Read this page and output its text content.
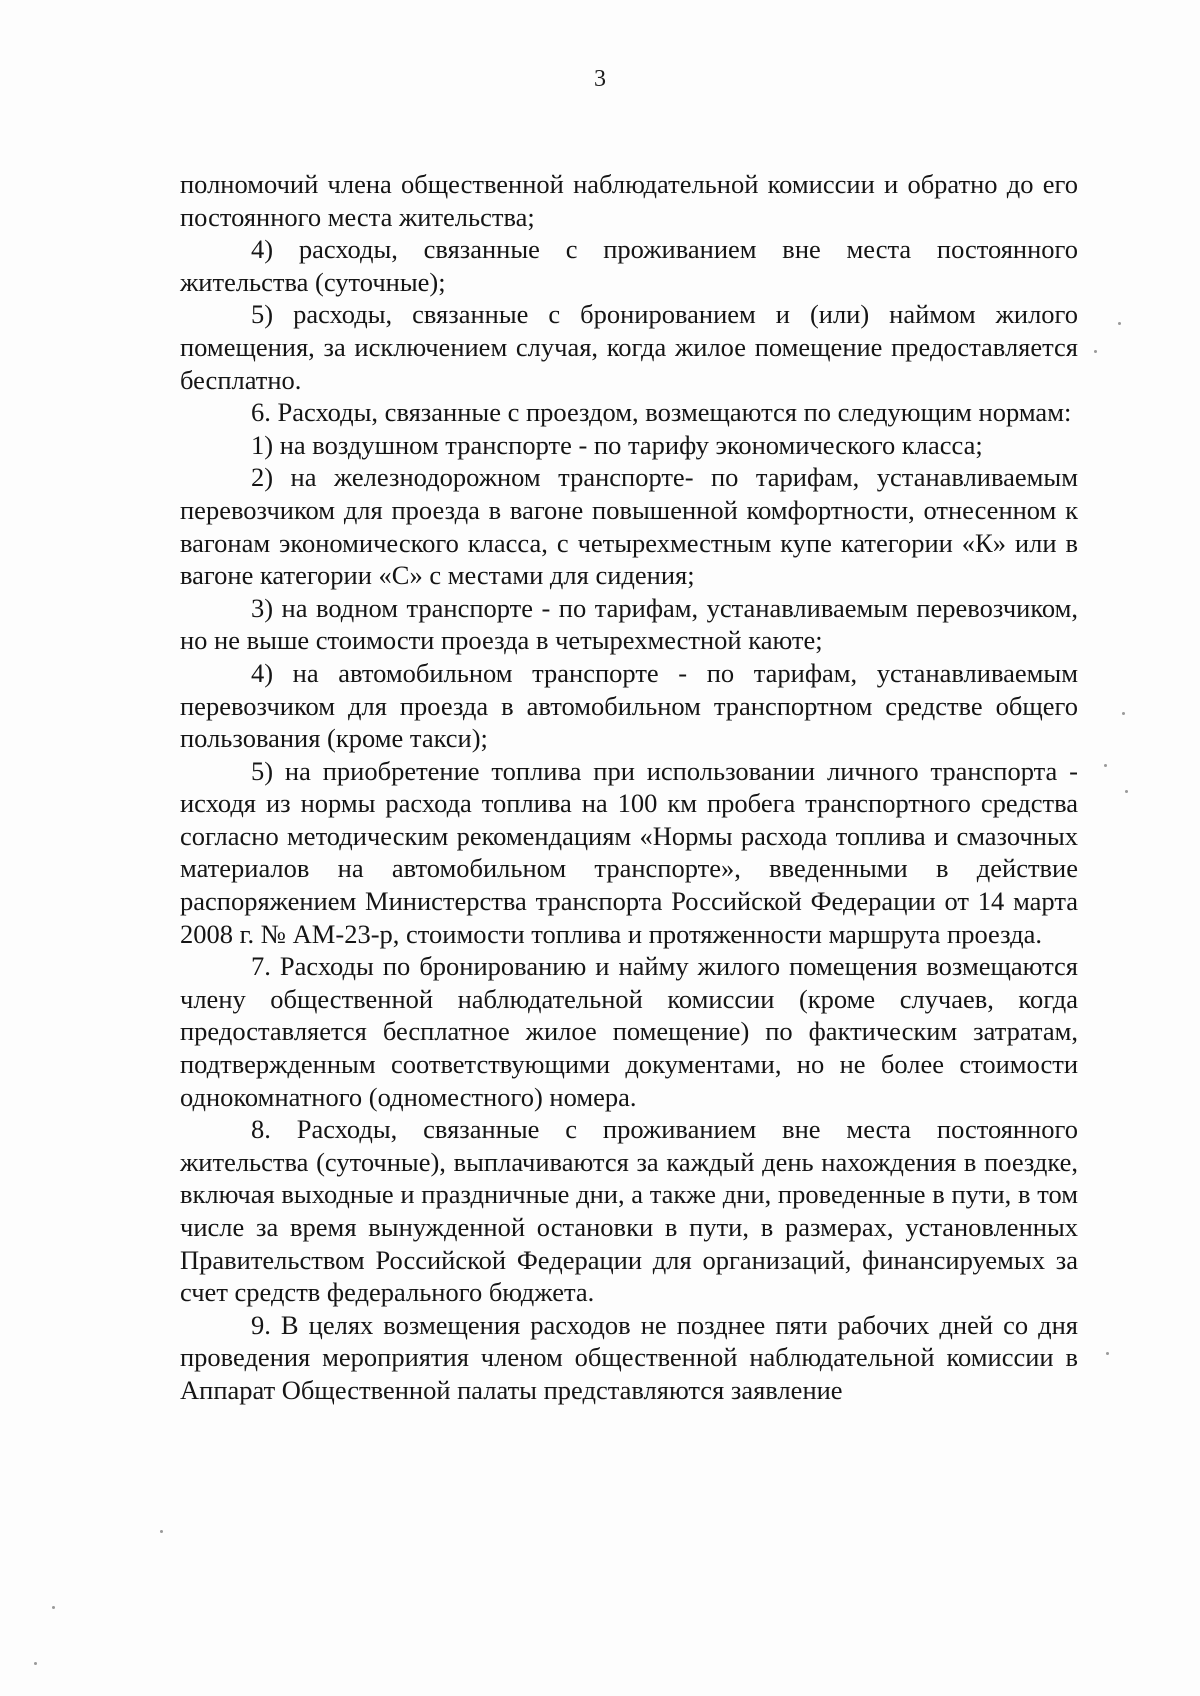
3

полномочий члена общественной наблюдательной комиссии и обратно до его постоянного места жительства;

4) расходы, связанные с проживанием вне места постоянного жительства (суточные);

5) расходы, связанные с бронированием и (или) наймом жилого помещения, за исключением случая, когда жилое помещение предоставляется бесплатно.

6. Расходы, связанные с проездом, возмещаются по следующим нормам:

1) на воздушном транспорте - по тарифу экономического класса;

2) на железнодорожном транспорте- по тарифам, устанавливаемым перевозчиком для проезда в вагоне повышенной комфортности, отнесенном к вагонам экономического класса, с четырехместным купе категории «К» или в вагоне категории «С» с местами для сидения;

3) на водном транспорте - по тарифам, устанавливаемым перевозчиком, но не выше стоимости проезда в четырехместной каюте;

4) на автомобильном транспорте - по тарифам, устанавливаемым перевозчиком для проезда в автомобильном транспортном средстве общего пользования (кроме такси);

5) на приобретение топлива при использовании личного транспорта - исходя из нормы расхода топлива на 100 км пробега транспортного средства согласно методическим рекомендациям «Нормы расхода топлива и смазочных материалов на автомобильном транспорте», введенными в действие распоряжением Министерства транспорта Российской Федерации от 14 марта 2008 г. № АМ-23-р, стоимости топлива и протяженности маршрута проезда.

7. Расходы по бронированию и найму жилого помещения возмещаются члену общественной наблюдательной комиссии (кроме случаев, когда предоставляется бесплатное жилое помещение) по фактическим затратам, подтвержденным соответствующими документами, но не более стоимости однокомнатного (одноместного) номера.

8. Расходы, связанные с проживанием вне места постоянного жительства (суточные), выплачиваются за каждый день нахождения в поездке, включая выходные и праздничные дни, а также дни, проведенные в пути, в том числе за время вынужденной остановки в пути, в размерах, установленных Правительством Российской Федерации для организаций, финансируемых за счет средств федерального бюджета.

9. В целях возмещения расходов не позднее пяти рабочих дней со дня проведения мероприятия членом общественной наблюдательной комиссии в Аппарат Общественной палаты представляются заявление
